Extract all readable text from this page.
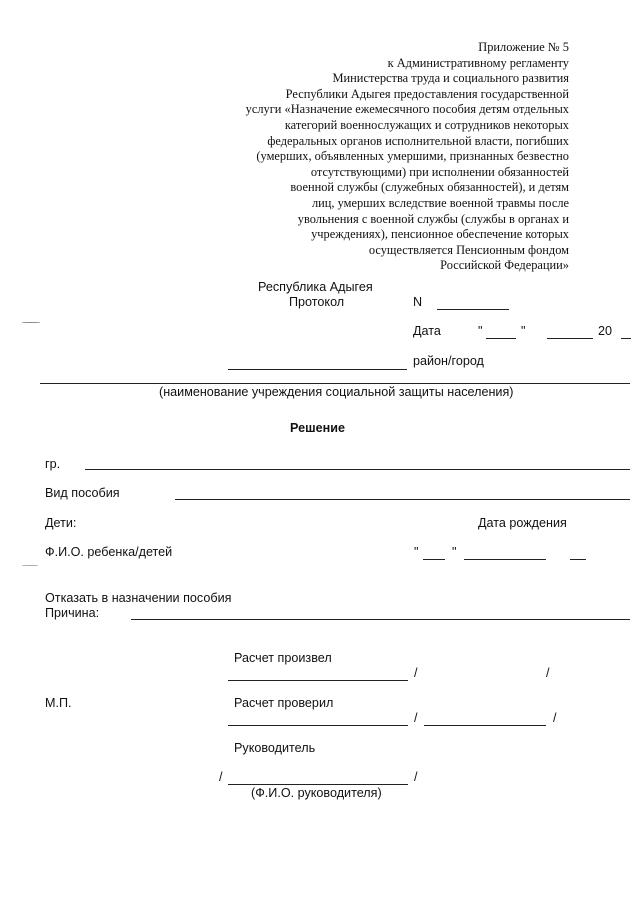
Приложение № 5
к Административному регламенту
Министерства труда и социального развития
Республики Адыгея предоставления государственной
услуги «Назначение ежемесячного пособия детям отдельных
категорий военнослужащих и сотрудников некоторых
федеральных органов исполнительной власти, погибших
(умерших, объявленных умершими, признанных безвестно
отсутствующими) при исполнении обязанностей
военной службы (служебных обязанностей), и детям
лиц, умерших вследствие военной травмы после
увольнения с военной службы (службы в органах и
учреждениях), пенсионное обеспечение которых
осуществляется Пенсионным фондом
Российской Федерации»
Республика Адыгея
Протокол	N
Дата	"	"	20
район/город
(наименование учреждения социальной защиты населения)
Решение
гр.
Вид пособия
Дети:	Дата рождения
Ф.И.О. ребенка/детей	"	"
Отказать в назначении пособия
Причина:
Расчет произвел
/	/
М.П.	Расчет проверил
/	/
Руководитель
/	/
(Ф.И.О. руководителя)
